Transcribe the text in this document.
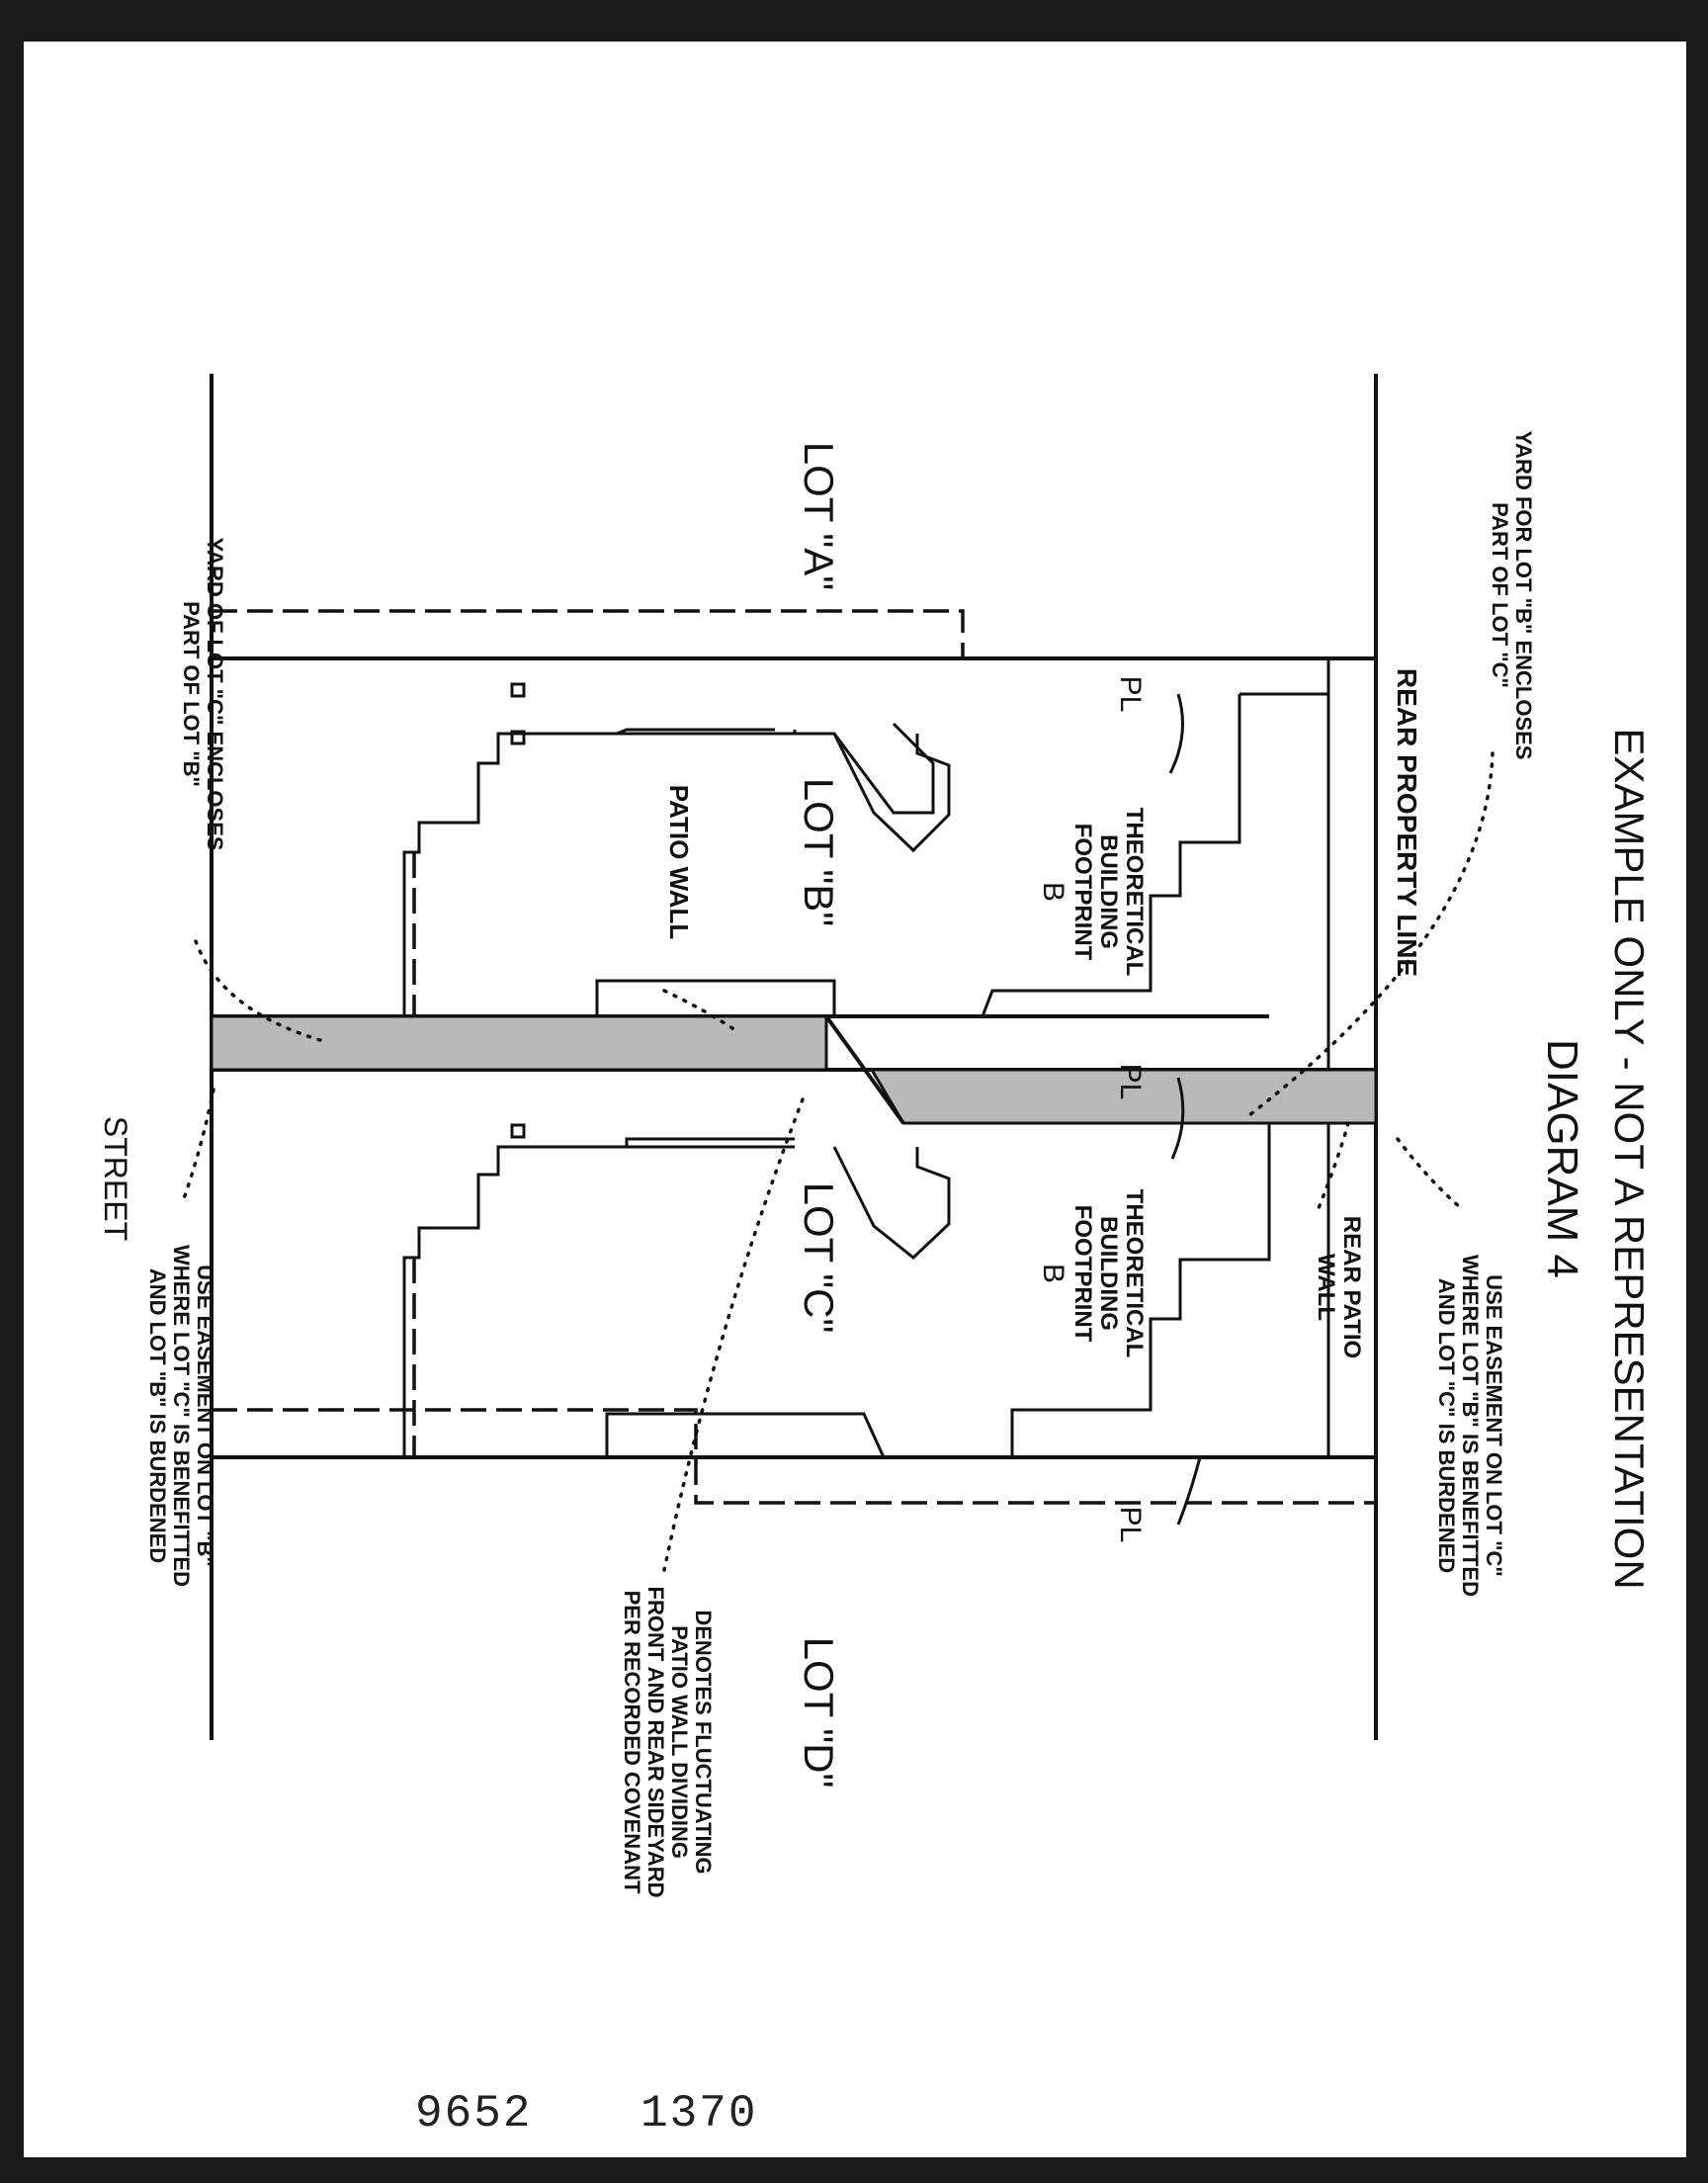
EXAMPLE ONLY - NOT A REPRESENTATION
DIAGRAM 4
REAR PROPERTY LINE
STREET
LOT "A"
LOT "B"
LOT "C"
LOT "D"
PL
PL
PL
THEORETICAL
BUILDING
FOOTPRINT
B
THEORETICAL
BUILDING
FOOTPRINT
B
PATIO WALL
REAR PATIO
WALL
YARD FOR LOT "B" ENCLOSES
PART OF LOT "C"
YARD OF LOT "C" ENCLOSES
PART OF LOT "B"
USE EASEMENT ON LOT "C"
WHERE LOT "B" IS BENEFITTED
AND LOT "C" IS BURDENED
USE EASEMENT ON LOT "B"
WHERE LOT "C" IS BENEFITTED
AND LOT "B" IS BURDENED
DENOTES FLUCTUATING
PATIO WALL DIVIDING
FRONT AND REAR SIDEYARD
PER RECORDED COVENANT
9652 1370
